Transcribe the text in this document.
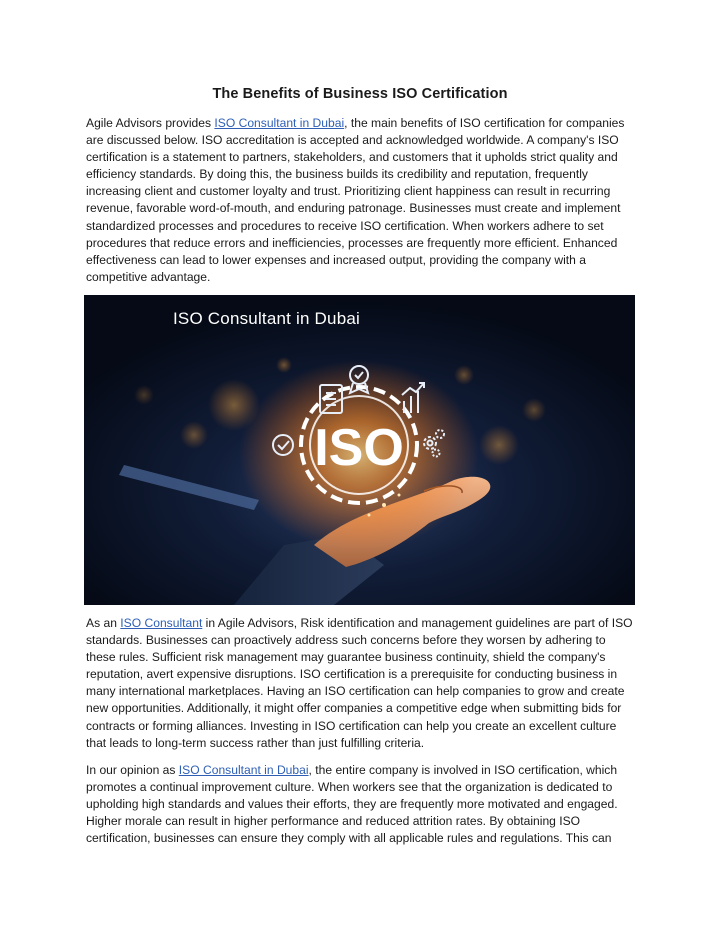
The Benefits of Business ISO Certification

Agile Advisors provides ISO Consultant in Dubai, the main benefits of ISO certification for companies are discussed below. ISO accreditation is accepted and acknowledged worldwide. A company's ISO certification is a statement to partners, stakeholders, and customers that it upholds strict quality and efficiency standards. By doing this, the business builds its credibility and reputation, frequently increasing client and customer loyalty and trust. Prioritizing client happiness can result in recurring revenue, favorable word-of-mouth, and enduring patronage. Businesses must create and implement standardized processes and procedures to receive ISO certification. When workers adhere to set procedures that reduce errors and inefficiencies, processes are frequently more efficient. Enhanced effectiveness can lead to lower expenses and increased output, providing the company with a competitive advantage.

ISO
ISO Consultant in Dubai

As an ISO Consultant in Agile Advisors, Risk identification and management guidelines are part of ISO standards. Businesses can proactively address such concerns before they worsen by adhering to these rules. Sufficient risk management may guarantee business continuity, shield the company's reputation, avert expensive disruptions. ISO certification is a prerequisite for conducting business in many international marketplaces. Having an ISO certification can help companies to grow and create new opportunities. Additionally, it might offer companies a competitive edge when submitting bids for contracts or forming alliances. Investing in ISO certification can help you create an excellent culture that leads to long-term success rather than just fulfilling criteria.

In our opinion as ISO Consultant in Dubai, the entire company is involved in ISO certification, which promotes a continual improvement culture. When workers see that the organization is dedicated to upholding high standards and values their efforts, they are frequently more motivated and engaged. Higher morale can result in higher performance and reduced attrition rates. By obtaining ISO certification, businesses can ensure they comply with all applicable rules and regulations. This can
